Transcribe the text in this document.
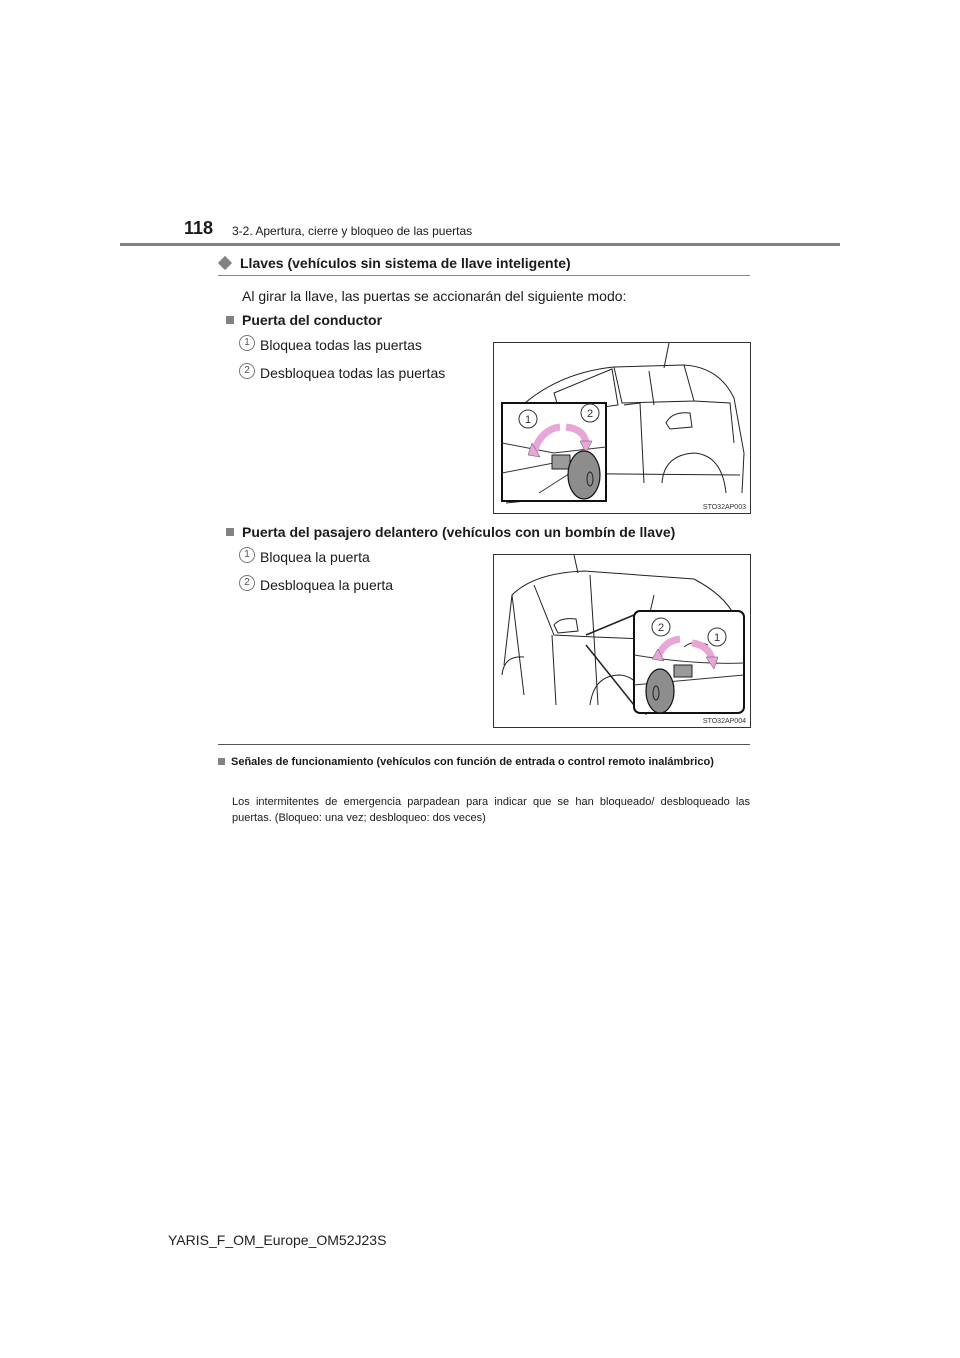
118 3-2. Apertura, cierre y bloqueo de las puertas
Llaves (vehículos sin sistema de llave inteligente)
Al girar la llave, las puertas se accionarán del siguiente modo:
Puerta del conductor
1 Bloquea todas las puertas
2 Desbloquea todas las puertas
1	2
STO32AP003
Puerta del pasajero delantero (vehículos con un bombín de llave)
1 Bloquea la puerta
2 Desbloquea la puerta
2
1
STO32AP004
Señales de funcionamiento (vehículos con función de entrada o control remoto inalámbrico)
Los intermitentes de emergencia parpadean para indicar que se han bloqueado/ desbloqueado las puertas. (Bloqueo: una vez; desbloqueo: dos veces)
YARIS_F_OM_Europe_OM52J23S
